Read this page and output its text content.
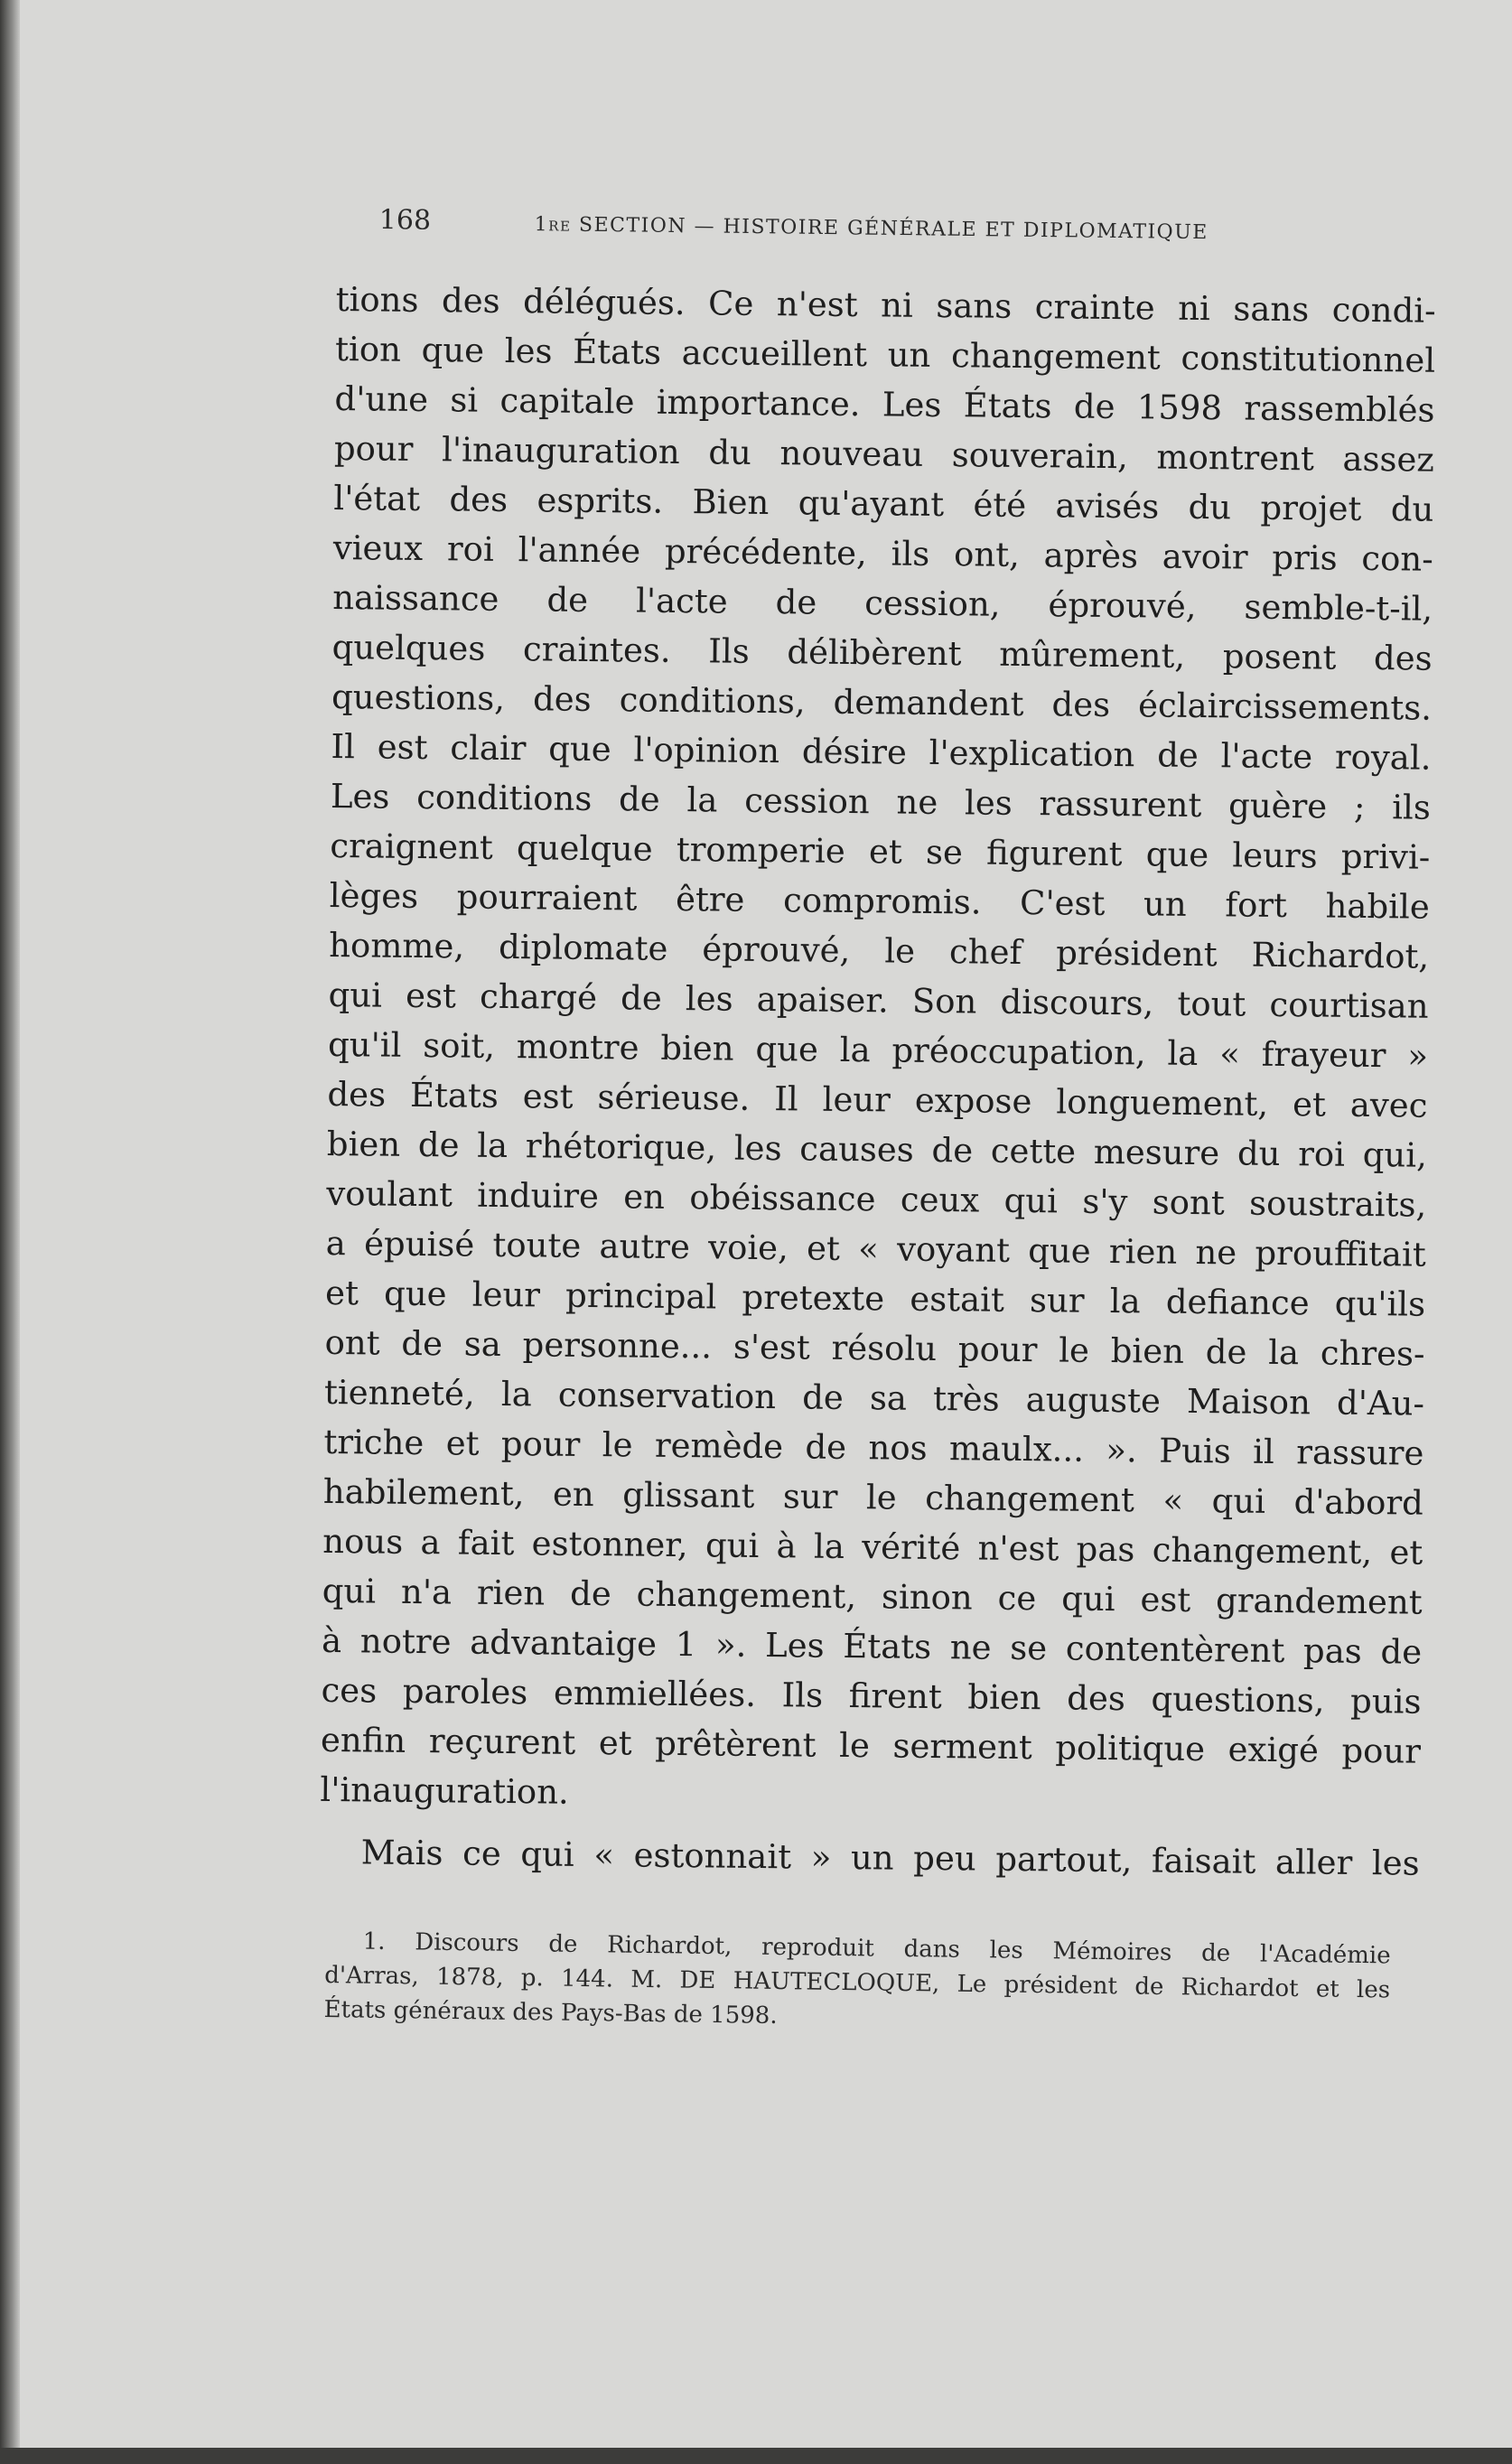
168	1re SECTION — HISTOIRE GÉNÉRALE ET DIPLOMATIQUE
tions des délégués. Ce n'est ni sans crainte ni sans condi-
tion que les États accueillent un changement constitutionnel
d'une si capitale importance. Les États de 1598 rassemblés
pour l'inauguration du nouveau souverain, montrent assez
l'état des esprits. Bien qu'ayant été avisés du projet du
vieux roi l'année précédente, ils ont, après avoir pris con-
naissance de l'acte de cession, éprouvé, semble-t-il,
quelques craintes. Ils délibèrent mûrement, posent des
questions, des conditions, demandent des éclaircissements.
Il est clair que l'opinion désire l'explication de l'acte royal.
Les conditions de la cession ne les rassurent guère ; ils
craignent quelque tromperie et se figurent que leurs privi-
lèges pourraient être compromis. C'est un fort habile
homme, diplomate éprouvé, le chef président Richardot,
qui est chargé de les apaiser. Son discours, tout courtisan
qu'il soit, montre bien que la préoccupation, la « frayeur »
des États est sérieuse. Il leur expose longuement, et avec
bien de la rhétorique, les causes de cette mesure du roi qui,
voulant induire en obéissance ceux qui s'y sont soustraits,
a épuisé toute autre voie, et « voyant que rien ne prouffitait
et que leur principal pretexte estait sur la defiance qu'ils
ont de sa personne... s'est résolu pour le bien de la chres-
tienneté, la conservation de sa très auguste Maison d'Au-
triche et pour le remède de nos maulx... ». Puis il rassure
habilement, en glissant sur le changement « qui d'abord
nous a fait estonner, qui à la vérité n'est pas changement, et
qui n'a rien de changement, sinon ce qui est grandement
à notre advantaige 1 ». Les États ne se contentèrent pas de
ces paroles emmiellées. Ils firent bien des questions, puis
enfin reçurent et prêtèrent le serment politique exigé pour
l'inauguration.
Mais ce qui « estonnait » un peu partout, faisait aller les
1. Discours de Richardot, reproduit dans les Mémoires de l'Académie
d'Arras, 1878, p. 144. M. DE HAUTECLOQUE, Le président de Richardot et les
États généraux des Pays-Bas de 1598.
